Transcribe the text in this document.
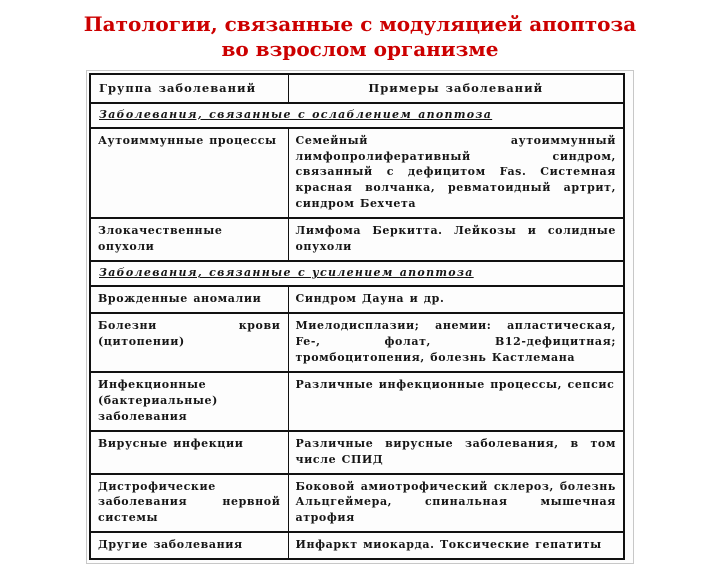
Патологии, связанные с модуляцией апоптоза
во взрослом организме
Группа заболеваний	Примеры заболеваний
Заболевания, связанные с ослаблением апоптоза	
Аутоиммунные процессы	Семейный аутоиммунный лимфопролиферативный синдром, связанный с дефицитом Fas. Системная красная волчанка, ревматоидный артрит, синдром Бехчета
Злокачественные опухоли	Лимфома Беркитта. Лейкозы и солидные опухоли
Заболевания, связанные с усилением апоптоза	
Врожденные аномалии	Синдром Дауна и др.
Болезни крови (цитопении)	Миелодисплазии; анемии: апластическая, Fe-, фолат, B12-дефицитная; тромбоцитопения, болезнь Кастлемана
Инфекционные (бактериальные) заболевания	Различные инфекционные процессы, сепсис
Вирусные инфекции	Различные вирусные заболевания, в том числе СПИД
Дистрофические заболевания нервной системы	Боковой амиотрофический склероз, болезнь Альцгеймера, спинальная мышечная атрофия
Другие заболевания	Инфаркт миокарда. Токсические гепатиты
